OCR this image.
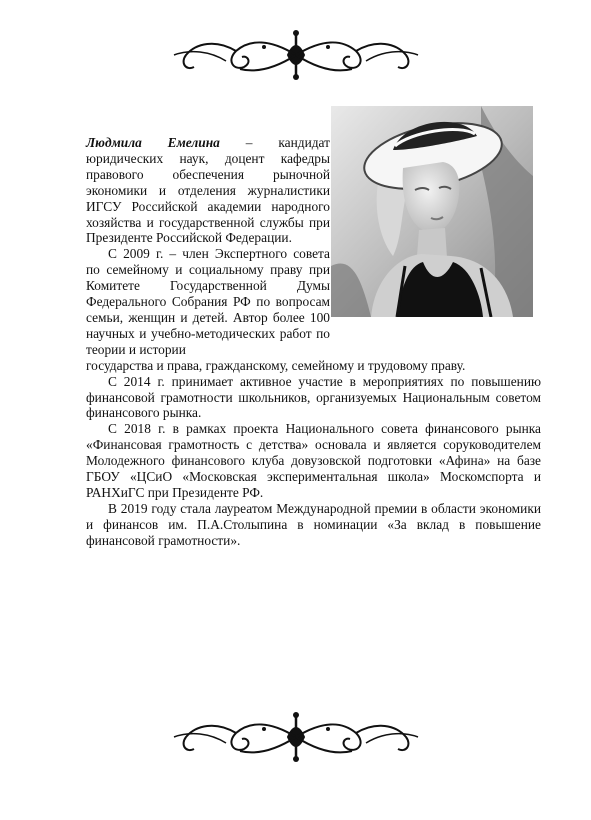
Людмила Емелина – кандидат юридических наук, доцент кафедры правового обеспечения рыночной экономики и отделения журналистики ИГСУ Российской академии народного хозяйства и государственной службы при Президенте Российской Федерации.

С 2009 г. – член Экспертного совета по семейному и социальному праву при Комитете Государственной Думы Федерального Собрания РФ по вопросам семьи, женщин и детей. Автор более 100 научных и учебно-методических работ по теории и истории

государства и права, гражданскому, семейному и трудовому праву.

С 2014 г. принимает активное участие в мероприятиях по повышению финансовой грамотности школьников, организуемых Национальным советом финансового рынка.

С 2018 г. в рамках проекта Национального совета финансового рынка «Финансовая грамотность с детства» основала и является соруководителем Молодежного финансового клуба довузовской подготовки «Афина» на базе ГБОУ «ЦСиО «Московская экспериментальная школа» Москомспорта и РАНХиГС при Президенте РФ.

В 2019 году стала лауреатом Международной премии в области экономики и финансов им. П.А.Столыпина в номинации «За вклад в повышение финансовой грамотности».
